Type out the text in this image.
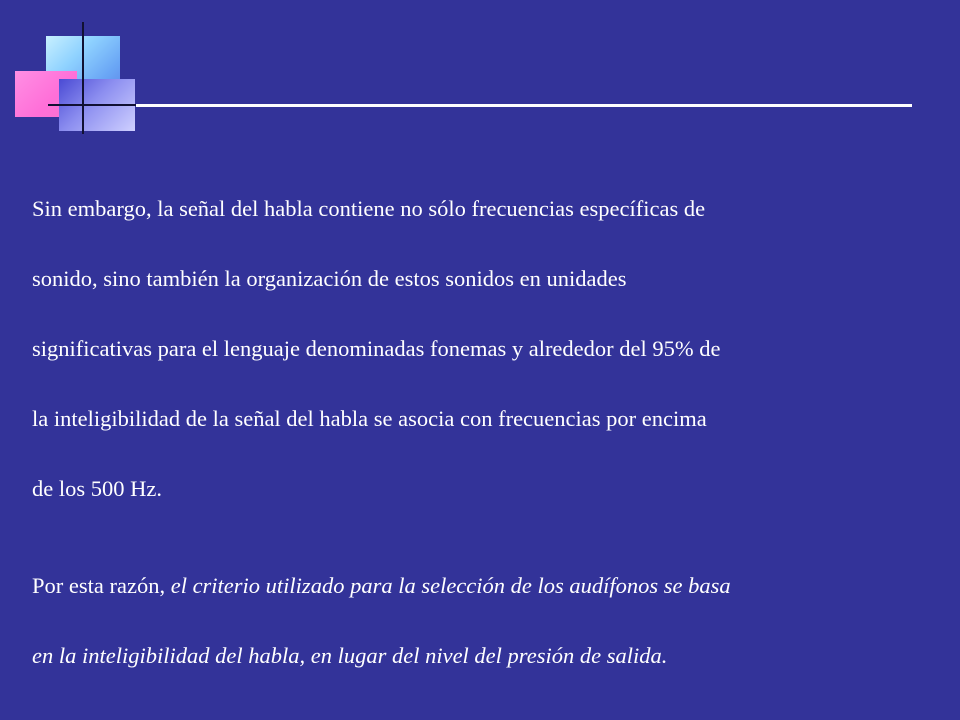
Sin embargo, la señal del habla contiene no sólo frecuencias específicas de
sonido, sino también la organización de estos sonidos en unidades
significativas para el lenguaje denominadas fonemas y alrededor del 95% de
la inteligibilidad de la señal del habla se asocia con frecuencias por encima
de los 500 Hz.

Por esta razón, el criterio utilizado para la selección de los audífonos se basa
en la inteligibilidad del habla, en lugar del nivel del presión de salida.
